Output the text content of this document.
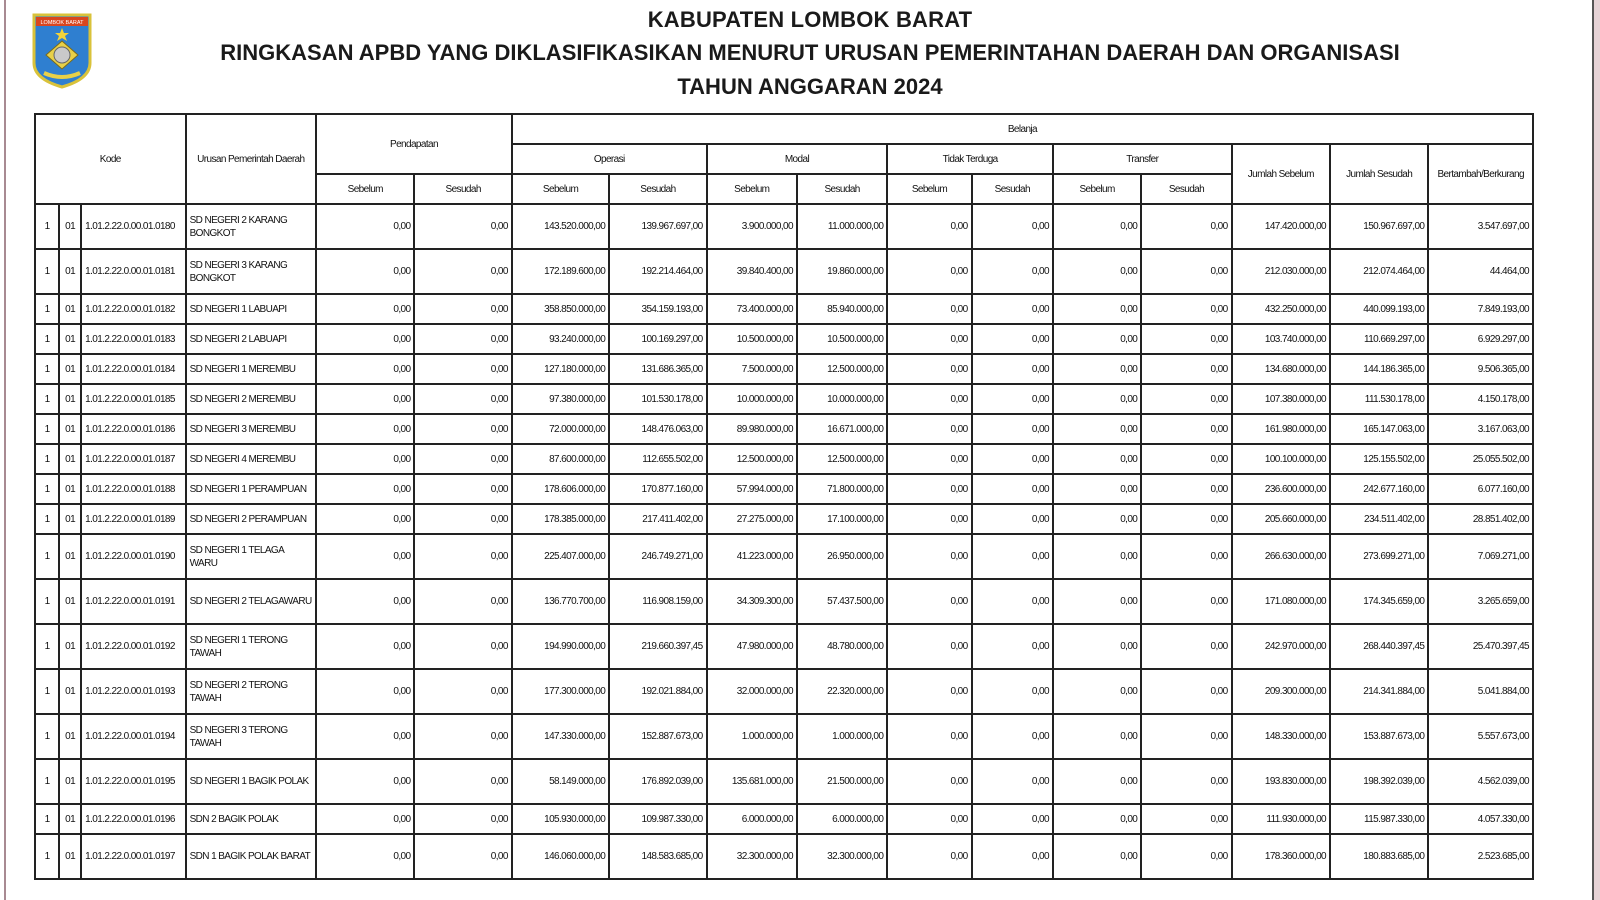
LOMBOK BARAT	KABUPATEN LOMBOK BARAT
RINGKASAN APBD YANG DIKLASIFIKASIKAN MENURUT URUSAN PEMERINTAHAN DAERAH DAN ORGANISASI
TAHUN ANGGARAN 2024
Kode			Urusan Pemerintah Daerah	Pendapatan		Belanja										
						Operasi		Modal		Tidak Terduga		Transfer		Jumlah Sebelum	Jumlah Sesudah	Bertambah/Berkurang
				Sebelum	Sesudah	Sebelum	Sesudah	Sebelum	Sesudah	Sebelum	Sesudah	Sebelum	Sesudah			
1	01	1.01.2.22.0.00.01.0180	SD NEGERI 2 KARANG BONGKOT	0,00	0,00	143.520.000,00	139.967.697,00	3.900.000,00	11.000.000,00	0,00	0,00	0,00	0,00	147.420.000,00	150.967.697,00	3.547.697,00
1	01	1.01.2.22.0.00.01.0181	SD NEGERI 3 KARANG BONGKOT	0,00	0,00	172.189.600,00	192.214.464,00	39.840.400,00	19.860.000,00	0,00	0,00	0,00	0,00	212.030.000,00	212.074.464,00	44.464,00
1	01	1.01.2.22.0.00.01.0182	SD NEGERI 1 LABUAPI	0,00	0,00	358.850.000,00	354.159.193,00	73.400.000,00	85.940.000,00	0,00	0,00	0,00	0,00	432.250.000,00	440.099.193,00	7.849.193,00
1	01	1.01.2.22.0.00.01.0183	SD NEGERI 2 LABUAPI	0,00	0,00	93.240.000,00	100.169.297,00	10.500.000,00	10.500.000,00	0,00	0,00	0,00	0,00	103.740.000,00	110.669.297,00	6.929.297,00
1	01	1.01.2.22.0.00.01.0184	SD NEGERI 1 MEREMBU	0,00	0,00	127.180.000,00	131.686.365,00	7.500.000,00	12.500.000,00	0,00	0,00	0,00	0,00	134.680.000,00	144.186.365,00	9.506.365,00
1	01	1.01.2.22.0.00.01.0185	SD NEGERI 2 MEREMBU	0,00	0,00	97.380.000,00	101.530.178,00	10.000.000,00	10.000.000,00	0,00	0,00	0,00	0,00	107.380.000,00	111.530.178,00	4.150.178,00
1	01	1.01.2.22.0.00.01.0186	SD NEGERI 3 MEREMBU	0,00	0,00	72.000.000,00	148.476.063,00	89.980.000,00	16.671.000,00	0,00	0,00	0,00	0,00	161.980.000,00	165.147.063,00	3.167.063,00
1	01	1.01.2.22.0.00.01.0187	SD NEGERI 4 MEREMBU	0,00	0,00	87.600.000,00	112.655.502,00	12.500.000,00	12.500.000,00	0,00	0,00	0,00	0,00	100.100.000,00	125.155.502,00	25.055.502,00
1	01	1.01.2.22.0.00.01.0188	SD NEGERI 1 PERAMPUAN	0,00	0,00	178.606.000,00	170.877.160,00	57.994.000,00	71.800.000,00	0,00	0,00	0,00	0,00	236.600.000,00	242.677.160,00	6.077.160,00
1	01	1.01.2.22.0.00.01.0189	SD NEGERI 2 PERAMPUAN	0,00	0,00	178.385.000,00	217.411.402,00	27.275.000,00	17.100.000,00	0,00	0,00	0,00	0,00	205.660.000,00	234.511.402,00	28.851.402,00
1	01	1.01.2.22.0.00.01.0190	SD NEGERI 1 TELAGA WARU	0,00	0,00	225.407.000,00	246.749.271,00	41.223.000,00	26.950.000,00	0,00	0,00	0,00	0,00	266.630.000,00	273.699.271,00	7.069.271,00
1	01	1.01.2.22.0.00.01.0191	SD NEGERI 2 TELAGAWARU	0,00	0,00	136.770.700,00	116.908.159,00	34.309.300,00	57.437.500,00	0,00	0,00	0,00	0,00	171.080.000,00	174.345.659,00	3.265.659,00
1	01	1.01.2.22.0.00.01.0192	SD NEGERI 1 TERONG TAWAH	0,00	0,00	194.990.000,00	219.660.397,45	47.980.000,00	48.780.000,00	0,00	0,00	0,00	0,00	242.970.000,00	268.440.397,45	25.470.397,45
1	01	1.01.2.22.0.00.01.0193	SD NEGERI 2 TERONG TAWAH	0,00	0,00	177.300.000,00	192.021.884,00	32.000.000,00	22.320.000,00	0,00	0,00	0,00	0,00	209.300.000,00	214.341.884,00	5.041.884,00
1	01	1.01.2.22.0.00.01.0194	SD NEGERI 3 TERONG TAWAH	0,00	0,00	147.330.000,00	152.887.673,00	1.000.000,00	1.000.000,00	0,00	0,00	0,00	0,00	148.330.000,00	153.887.673,00	5.557.673,00
1	01	1.01.2.22.0.00.01.0195	SD NEGERI 1 BAGIK POLAK	0,00	0,00	58.149.000,00	176.892.039,00	135.681.000,00	21.500.000,00	0,00	0,00	0,00	0,00	193.830.000,00	198.392.039,00	4.562.039,00
1	01	1.01.2.22.0.00.01.0196	SDN 2 BAGIK POLAK	0,00	0,00	105.930.000,00	109.987.330,00	6.000.000,00	6.000.000,00	0,00	0,00	0,00	0,00	111.930.000,00	115.987.330,00	4.057.330,00
1	01	1.01.2.22.0.00.01.0197	SDN 1 BAGIK POLAK BARAT	0,00	0,00	146.060.000,00	148.583.685,00	32.300.000,00	32.300.000,00	0,00	0,00	0,00	0,00	178.360.000,00	180.883.685,00	2.523.685,00
